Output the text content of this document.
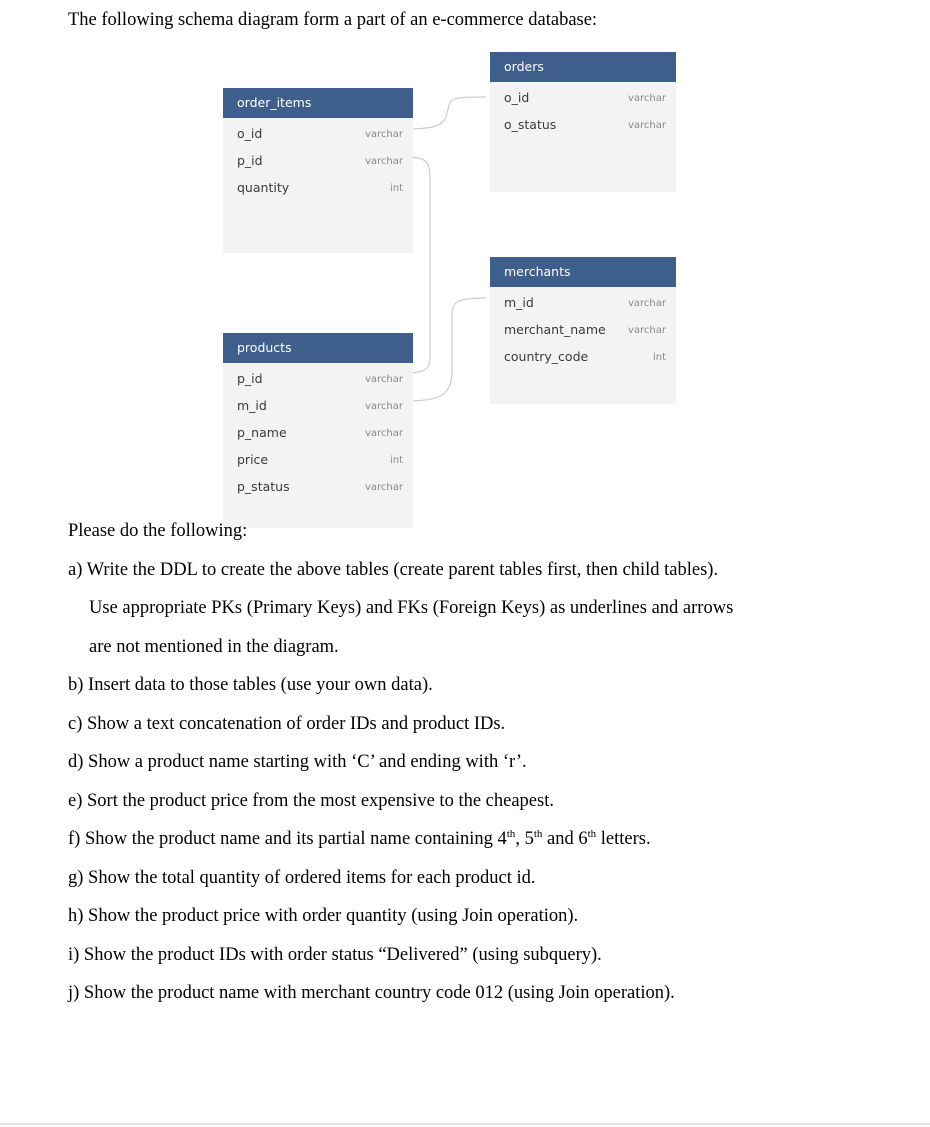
The following schema diagram form a part of an e-commerce database:

order_items
o_id	varchar
p_id	varchar
quantity	int
products
p_id	varchar
m_id	varchar
p_name	varchar
price	int
p_status	varchar
orders
o_id	varchar
o_status	varchar
merchants
m_id	varchar
merchant_name varchar
country_code	int
Please do the following:
a) Write the DDL to create the above tables (create parent tables first, then child tables).
Use appropriate PKs (Primary Keys) and FKs (Foreign Keys) as underlines and arrows
are not mentioned in the diagram.
b) Insert data to those tables (use your own data).
c) Show a text concatenation of order IDs and product IDs.
d) Show a product name starting with ‘C’ and ending with ‘r’.
e) Sort the product price from the most expensive to the cheapest.
f) Show the product name and its partial name containing 4th, 5th and 6th letters.
g) Show the total quantity of ordered items for each product id.
h) Show the product price with order quantity (using Join operation).
i) Show the product IDs with order status “Delivered” (using subquery).
j) Show the product name with merchant country code 012 (using Join operation).
